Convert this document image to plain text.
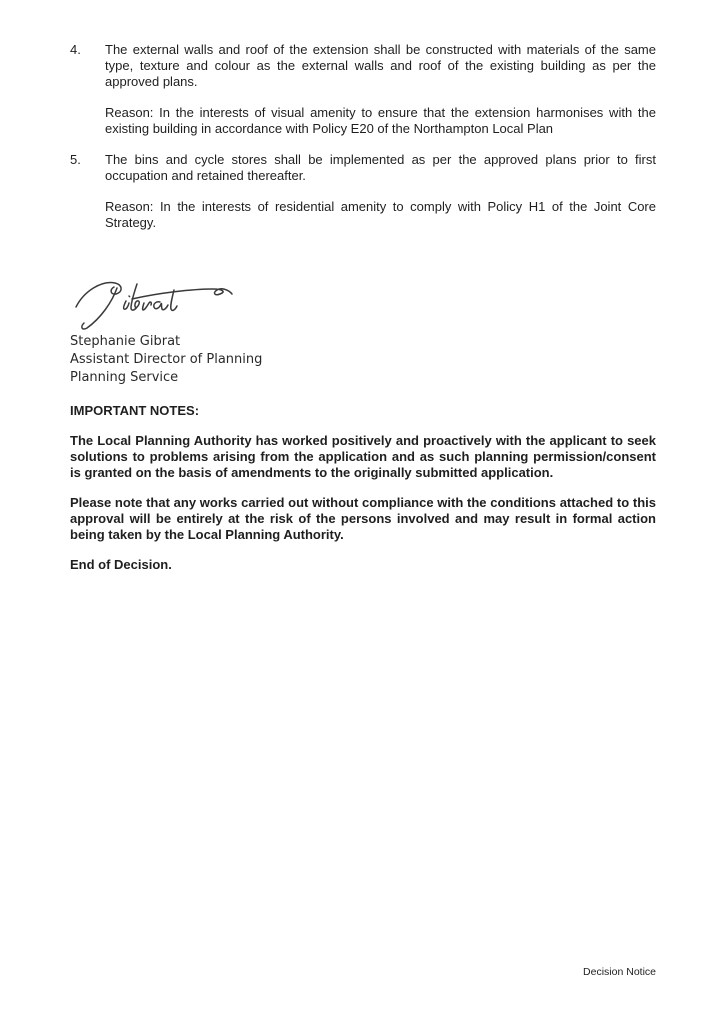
4.	The external walls and roof of the extension shall be constructed with materials of the same type, texture and colour as the external walls and roof of the existing building as per the approved plans.
Reason: In the interests of visual amenity to ensure that the extension harmonises with the existing building in accordance with Policy E20 of the Northampton Local Plan
5.	The bins and cycle stores shall be implemented as per the approved plans prior to first occupation and retained thereafter.
Reason: In the interests of residential amenity to comply with Policy H1 of the Joint Core Strategy.
Stephanie Gibrat
Assistant Director of Planning
Planning Service
IMPORTANT NOTES:
The Local Planning Authority has worked positively and proactively with the applicant to seek solutions to problems arising from the application and as such planning permission/consent is granted on the basis of amendments to the originally submitted application.
Please note that any works carried out without compliance with the conditions attached to this approval will be entirely at the risk of the persons involved and may result in formal action being taken by the Local Planning Authority.
End of Decision.
Decision Notice
